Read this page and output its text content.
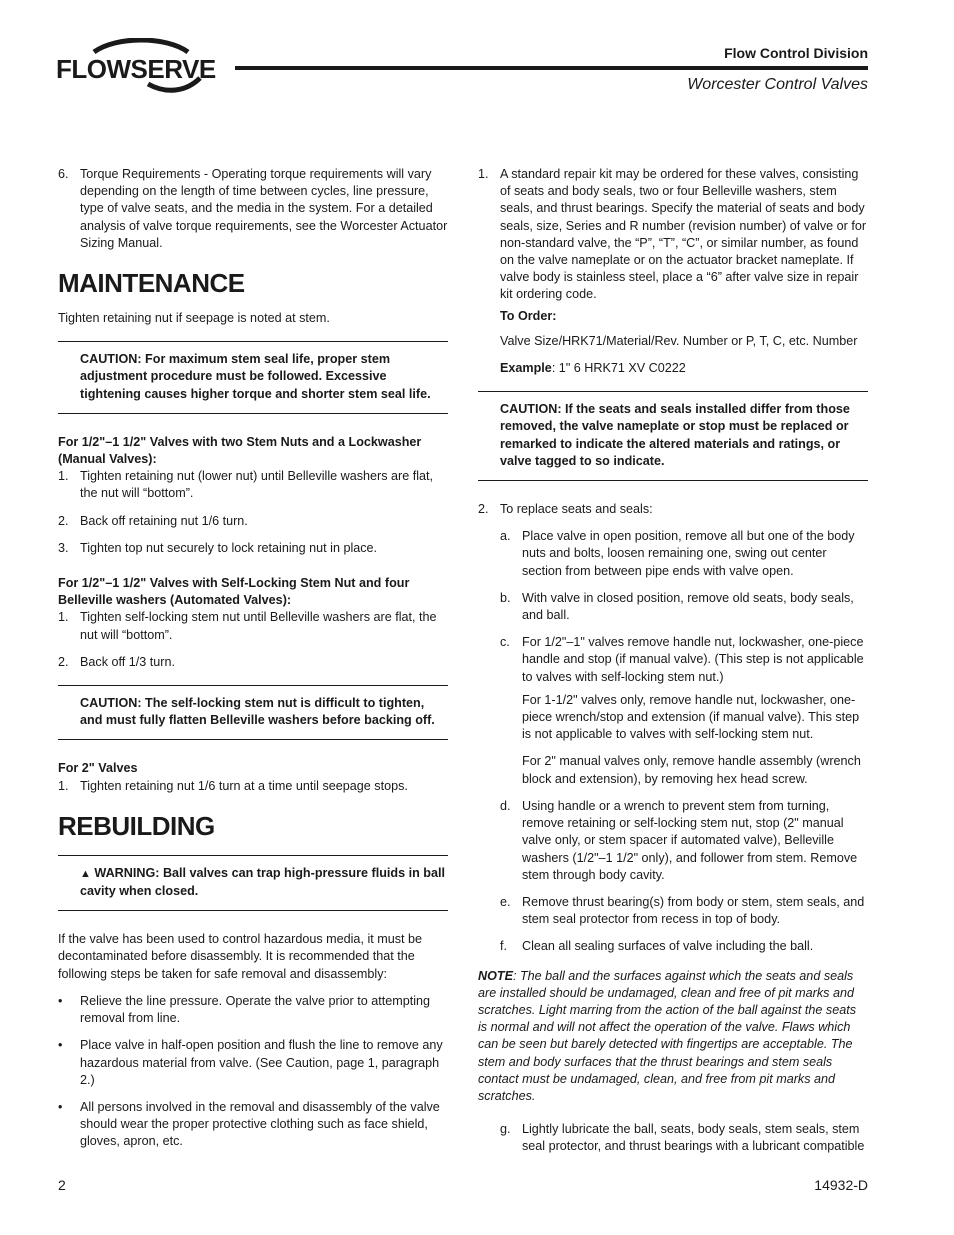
FLOWSERVE
Flow Control Division
Worcester Control Valves
6. Torque Requirements - Operating torque requirements will vary depending on the length of time between cycles, line pressure, type of valve seats, and the media in the system. For a detailed analysis of valve torque requirements, see the Worcester Actuator Sizing Manual.
MAINTENANCE

Tighten retaining nut if seepage is noted at stem.

CAUTION: For maximum stem seal life, proper stem adjustment procedure must be followed. Excessive tightening causes higher torque and shorter stem seal life.

For 1/2"–1 1/2" Valves with two Stem Nuts and a Lockwasher (Manual Valves):

1. Tighten retaining nut (lower nut) until Belleville washers are flat, the nut will “bottom”.
2. Back off retaining nut 1/6 turn.
3. Tighten top nut securely to lock retaining nut in place.

For 1/2"–1 1/2" Valves with Self-Locking Stem Nut and four Belleville washers (Automated Valves):

1. Tighten self-locking stem nut until Belleville washers are flat, the nut will “bottom”.
2. Back off 1/3 turn.
CAUTION: The self-locking stem nut is difficult to tighten, and must fully flatten Belleville washers before backing off.

For 2" Valves

1. Tighten retaining nut 1/6 turn at a time until seepage stops.
REBUILDING
▲ WARNING: Ball valves can trap high-pressure fluids in ball cavity when closed.

If the valve has been used to control hazardous media, it must be decontaminated before disassembly. It is recommended that the following steps be taken for safe removal and disassembly:

• Relieve the line pressure. Operate the valve prior to attempting removal from line.
• Place valve in half-open position and flush the line to remove any hazardous material from valve. (See Caution, page 1, paragraph 2.)
• All persons involved in the removal and disassembly of the valve should wear the proper protective clothing such as face shield, gloves, apron, etc.
1. A standard repair kit may be ordered for these valves, consisting of seats and body seals, two or four Belleville washers, stem seals, and thrust bearings. Specify the material of seats and body seals, size, Series and R number (revision number) of valve or for non-standard valve, the “P”, “T”, “C”, or similar number, as found on the valve nameplate or on the actuator bracket nameplate. If valve body is stainless steel, place a “6” after valve size in repair kit ordering code.

To Order:

Valve Size/HRK71/Material/Rev. Number or P, T, C, etc. Number

Example: 1" 6 HRK71 XV C0222

CAUTION: If the seats and seals installed differ from those removed, the valve nameplate or stop must be replaced or remarked to indicate the altered materials and ratings, or valve tagged to so indicate.
2. To replace seats and seals:
a. Place valve in open position, remove all but one of the body nuts and bolts, loosen remaining one, swing out center section from between pipe ends with valve open.
b. With valve in closed position, remove old seats, body seals, and ball.
c. For 1/2"–1" valves remove handle nut, lockwasher, one-piece handle and stop (if manual valve). (This step is not applicable to valves with self-locking stem nut.)

For 1-1/2" valves only, remove handle nut, lockwasher, one-piece wrench/stop and extension (if manual valve). This step is not applicable to valves with self-locking stem nut.

For 2" manual valves only, remove handle assembly (wrench block and extension), by removing hex head screw.

d. Using handle or a wrench to prevent stem from turning, remove retaining or self-locking stem nut, stop (2" manual valve only, or stem spacer if automated valve), Belleville washers (1/2"–1 1/2" only), and follower from stem. Remove stem through body cavity.
e. Remove thrust bearing(s) from body or stem, stem seals, and stem seal protector from recess in top of body.
f. Clean all sealing surfaces of valve including the ball.

NOTE: The ball and the surfaces against which the seats and seals are installed should be undamaged, clean and free of pit marks and scratches. Light marring from the action of the ball against the seats is normal and will not affect the operation of the valve. Flaws which can be seen but barely detected with fingertips are acceptable. The stem and body surfaces that the thrust bearings and stem seals contact must be undamaged, clean, and free from pit marks and scratches.

g. Lightly lubricate the ball, seats, body seals, stem seals, stem seal protector, and thrust bearings with a lubricant compatible
2	14932-D
